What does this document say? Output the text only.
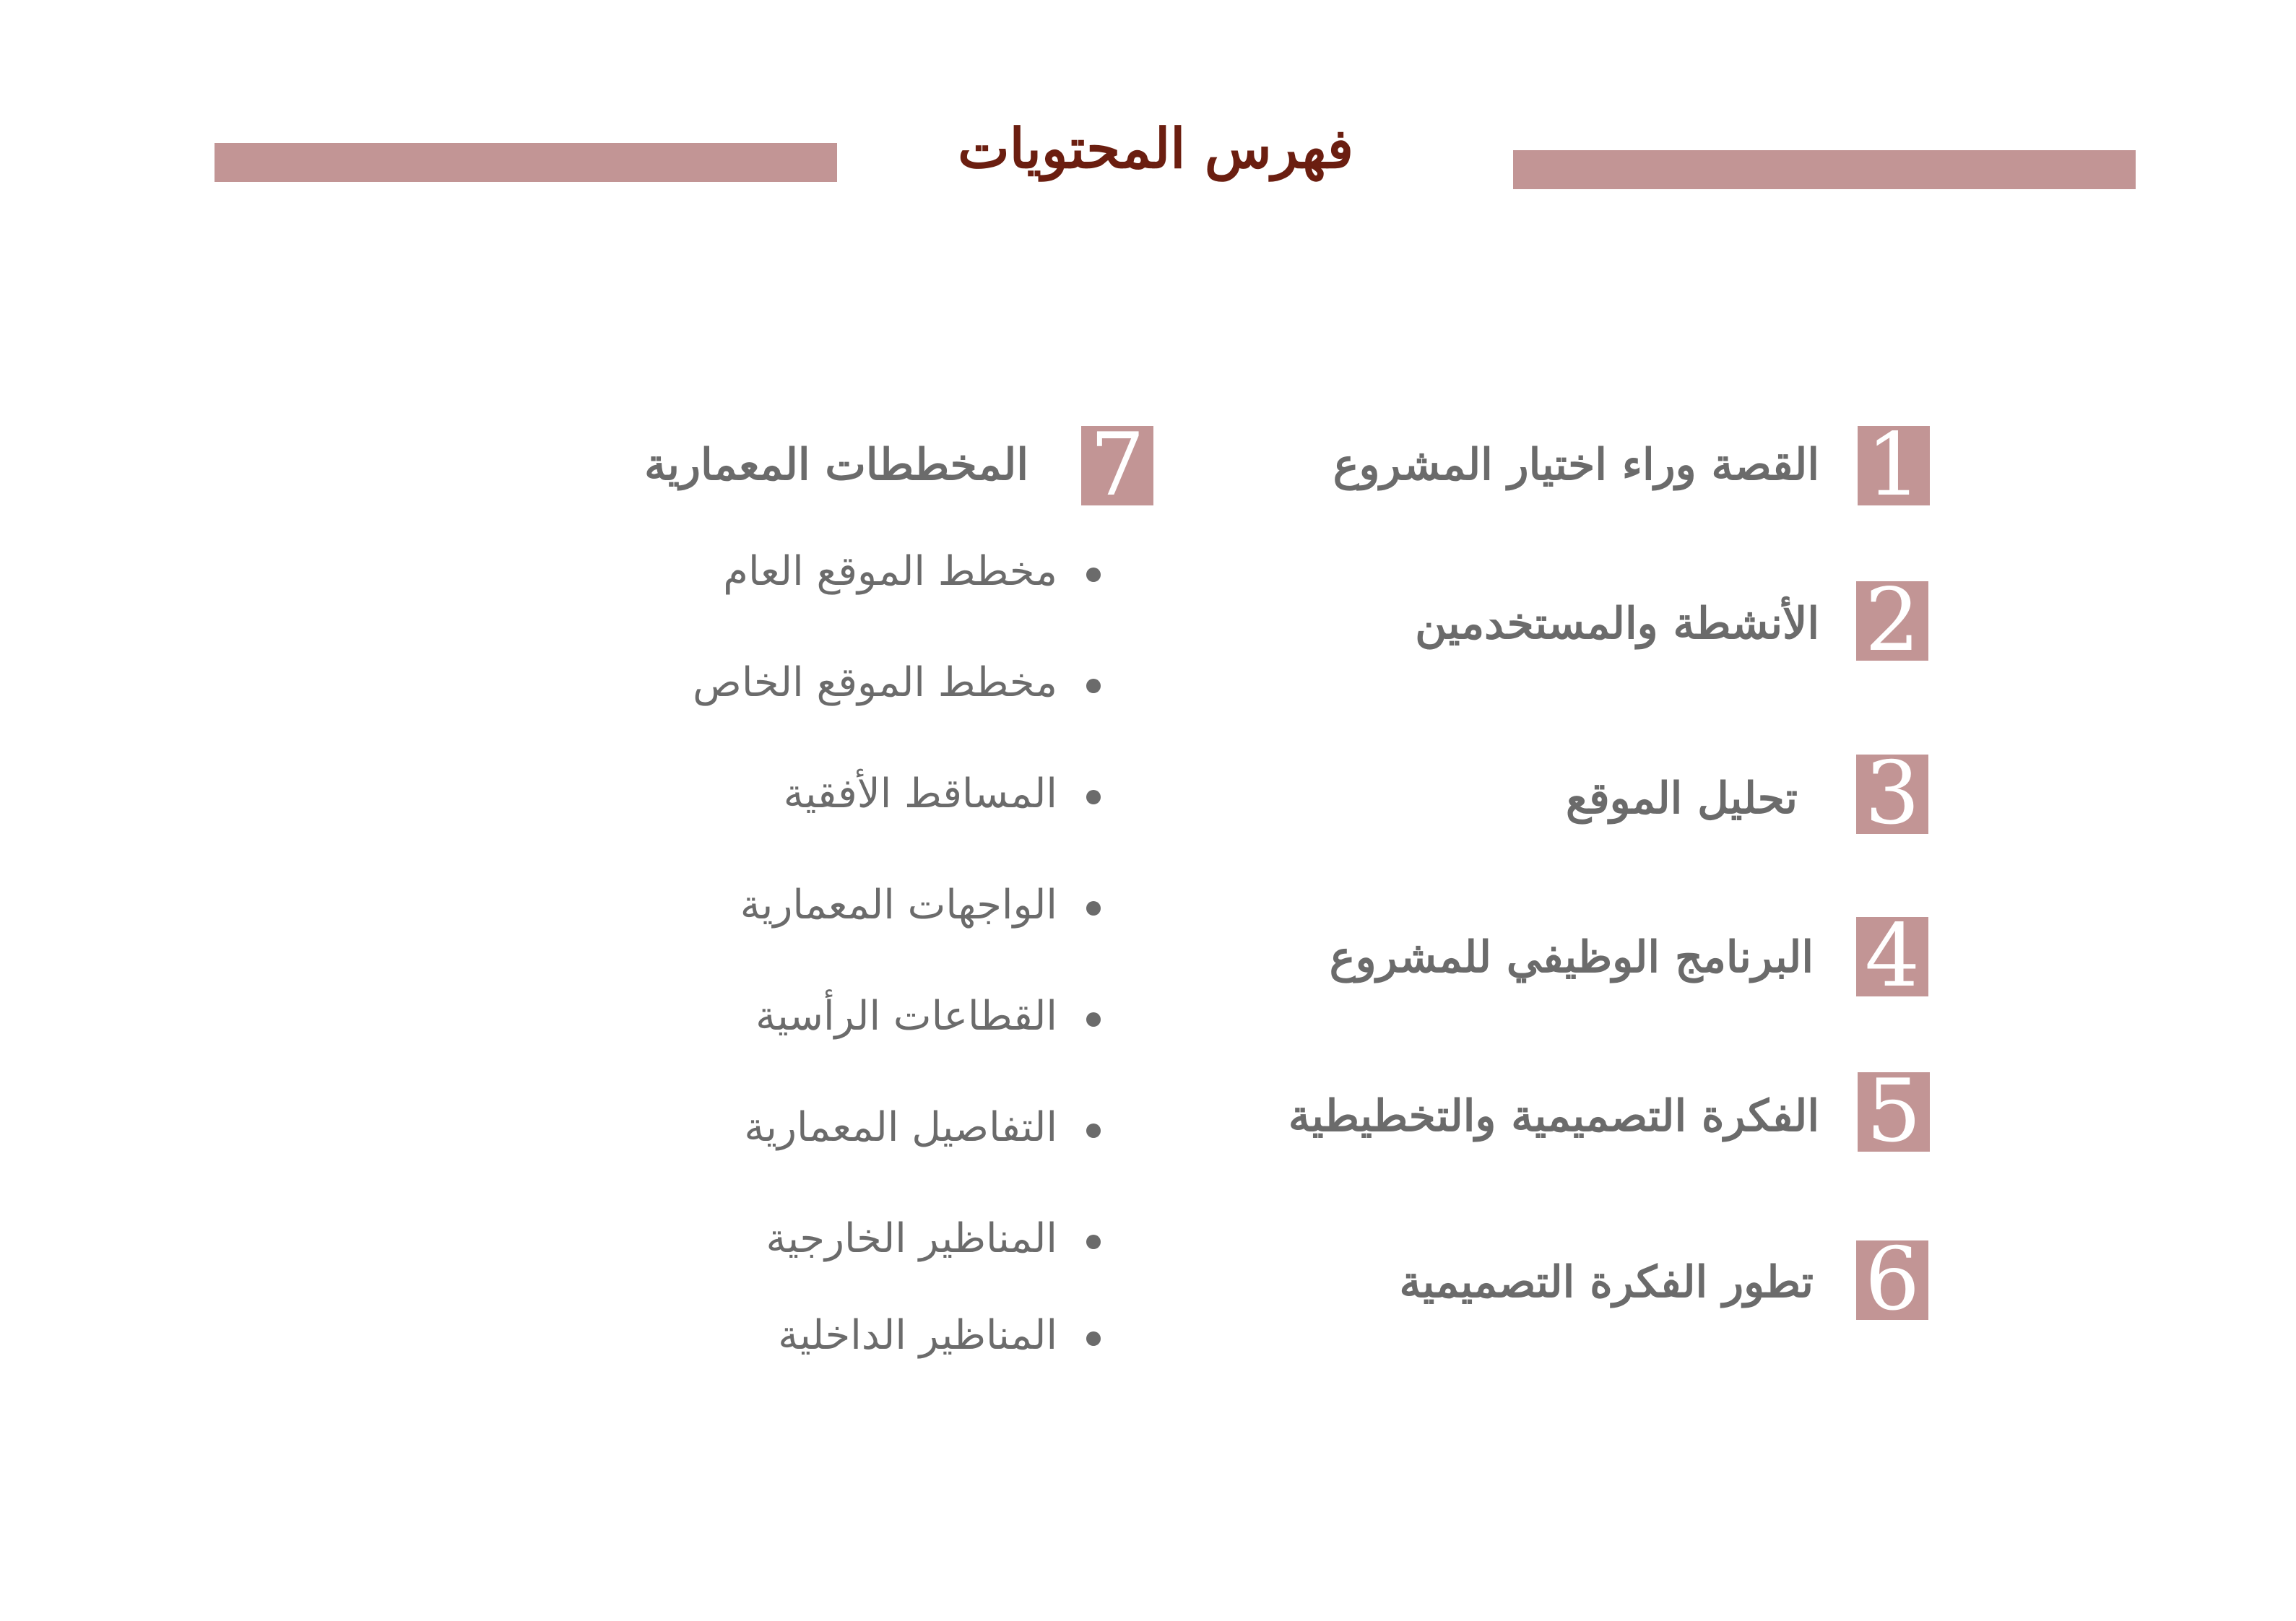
فهرس المحتويات
1
القصة وراء اختيار المشروع
2
الأنشطة والمستخدمين
3
تحليل الموقع
4
البرنامج الوظيفي للمشروع
5
الفكرة التصميمية والتخطيطية
6
تطور الفكرة التصميمية
7
المخططات المعمارية
مخطط الموقع العام
مخطط الموقع الخاص
المساقط الأفقية
الواجهات المعمارية
القطاعات الرأسية
التفاصيل المعمارية
المناظير الخارجية
المناظير الداخلية
